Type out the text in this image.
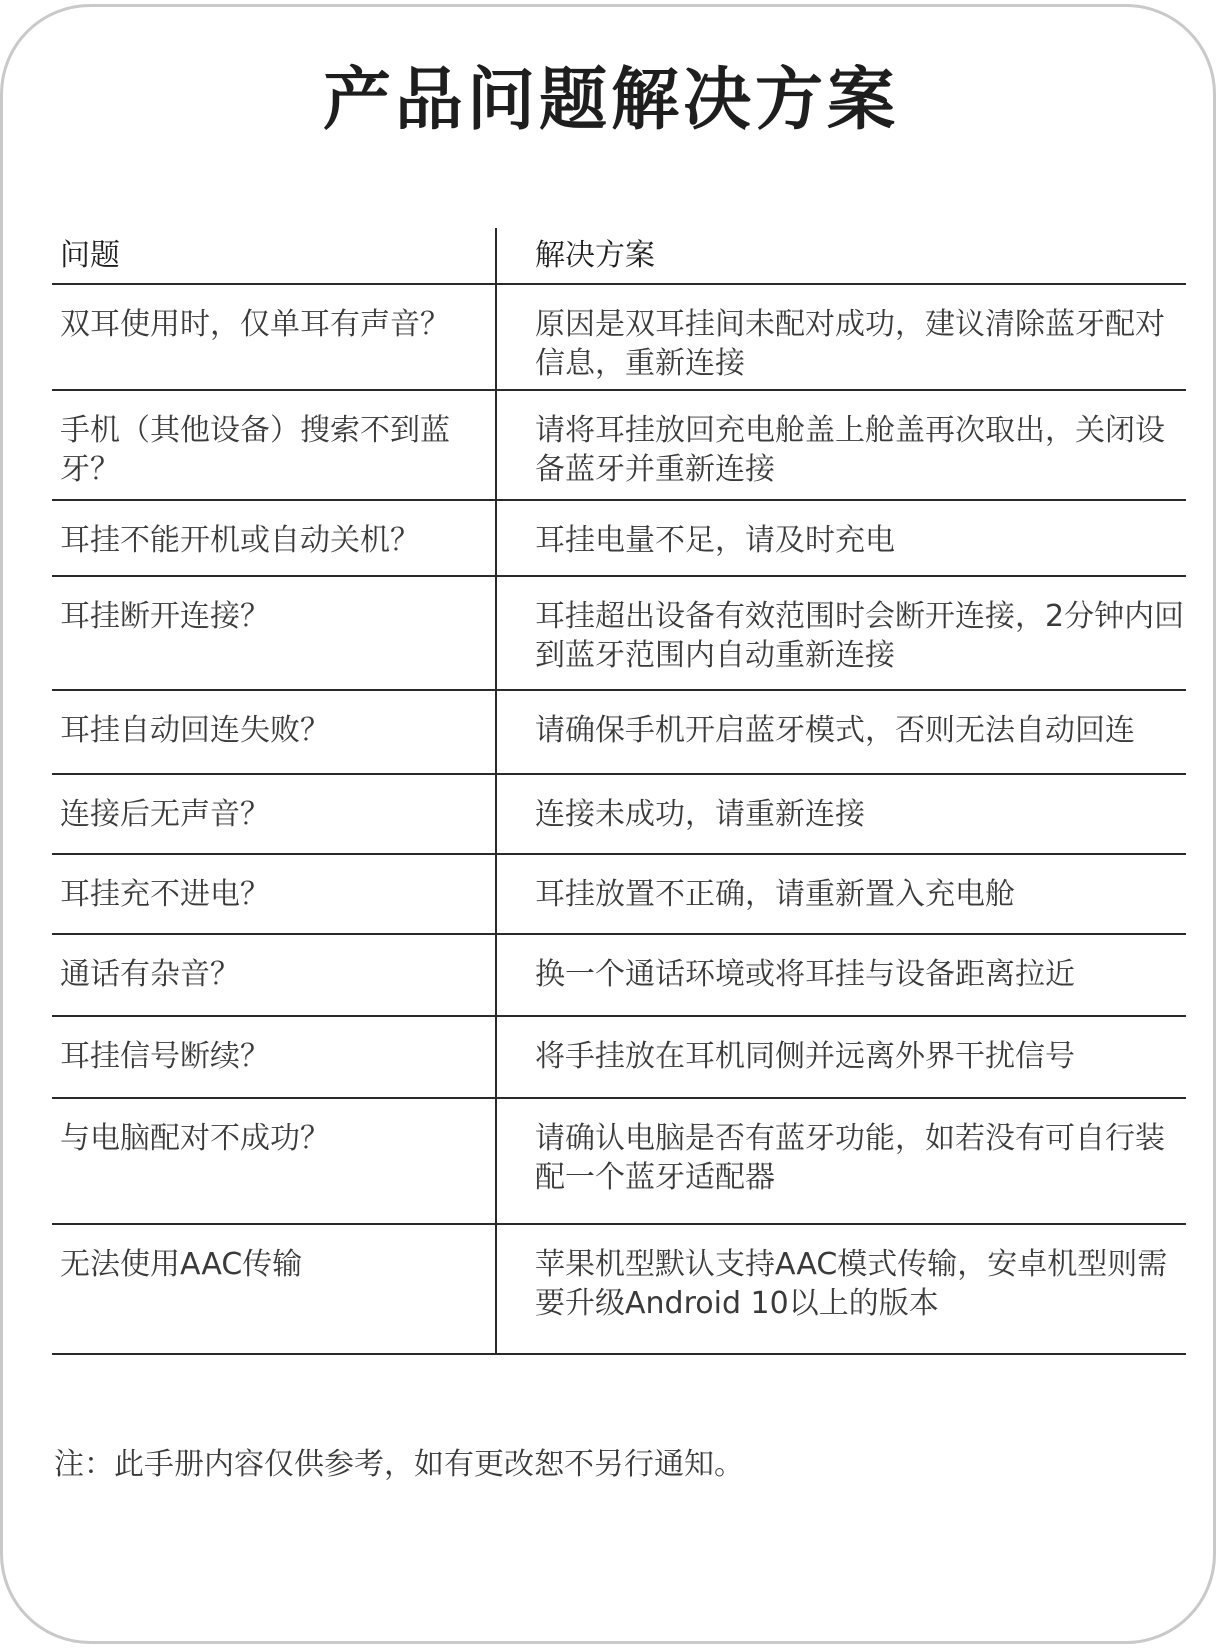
产品问题解决方案
问题	解决方案
双耳使用时，仅单耳有声音？	原因是双耳挂间未配对成功，建议清除蓝牙配对信息，重新连接
手机（其他设备）搜索不到蓝牙？	请将耳挂放回充电舱盖上舱盖再次取出，关闭设备蓝牙并重新连接
耳挂不能开机或自动关机？	耳挂电量不足，请及时充电
耳挂断开连接？	耳挂超出设备有效范围时会断开连接，2分钟内回到蓝牙范围内自动重新连接
耳挂自动回连失败？	请确保手机开启蓝牙模式，否则无法自动回连
连接后无声音？	连接未成功，请重新连接
耳挂充不进电？	耳挂放置不正确，请重新置入充电舱
通话有杂音？	换一个通话环境或将耳挂与设备距离拉近
耳挂信号断续？	将手挂放在耳机同侧并远离外界干扰信号
与电脑配对不成功？	请确认电脑是否有蓝牙功能，如若没有可自行装配一个蓝牙适配器
无法使用AAC传输	苹果机型默认支持AAC模式传输，安卓机型则需要升级Android 10以上的版本
注：此手册内容仅供参考，如有更改恕不另行通知。
